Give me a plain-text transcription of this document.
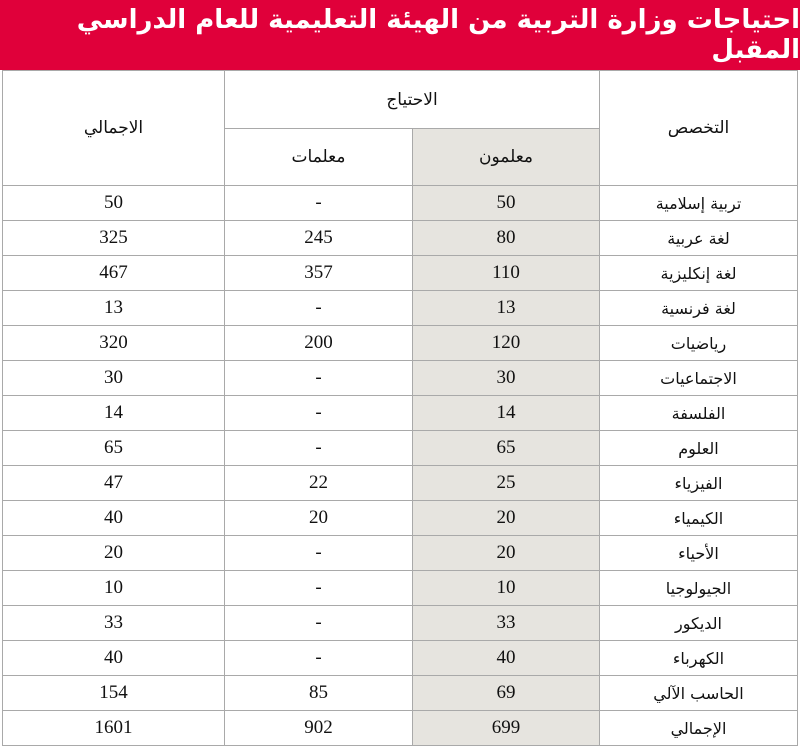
احتياجات وزارة التربية من الهيئة التعليمية للعام الدراسي المقبل
التخصص	الاحتياج		الاجمالي
	معلمون	معلمات	
تربية إسلامية	50	-	50
لغة عربية	80	245	325
لغة إنكليزية	110	357	467
لغة فرنسية	13	-	13
رياضيات	120	200	320
الاجتماعيات	30	-	30
الفلسفة	14	-	14
العلوم	65	-	65
الفيزياء	25	22	47
الكيمياء	20	20	40
الأحياء	20	-	20
الجيولوجيا	10	-	10
الديكور	33	-	33
الكهرباء	40	-	40
الحاسب الآلي	69	85	154
الإجمالي	699	902	1601
